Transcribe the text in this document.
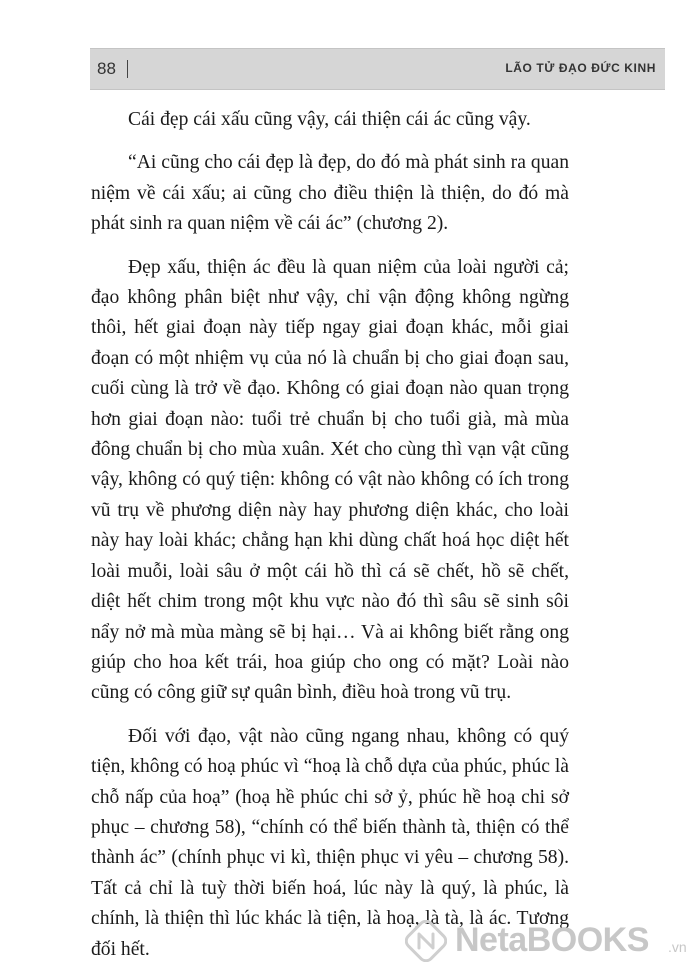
88	LÃO TỬ ĐẠO ĐỨC KINH

Cái đẹp cái xấu cũng vậy, cái thiện cái ác cũng vậy.

“Ai cũng cho cái đẹp là đẹp, do đó mà phát sinh ra quan niệm về cái xấu; ai cũng cho điều thiện là thiện, do đó mà phát sinh ra quan niệm về cái ác” (chương 2).

Đẹp xấu, thiện ác đều là quan niệm của loài người cả; đạo không phân biệt như vậy, chỉ vận động không ngừng thôi, hết giai đoạn này tiếp ngay giai đoạn khác, mỗi giai đoạn có một nhiệm vụ của nó là chuẩn bị cho giai đoạn sau, cuối cùng là trở về đạo. Không có giai đoạn nào quan trọng hơn giai đoạn nào: tuổi trẻ chuẩn bị cho tuổi già, mà mùa đông chuẩn bị cho mùa xuân. Xét cho cùng thì vạn vật cũng vậy, không có quý tiện: không có vật nào không có ích trong vũ trụ về phương diện này hay phương diện khác, cho loài này hay loài khác; chẳng hạn khi dùng chất hoá học diệt hết loài muỗi, loài sâu ở một cái hồ thì cá sẽ chết, hồ sẽ chết, diệt hết chim trong một khu vực nào đó thì sâu sẽ sinh sôi nẩy nở mà mùa màng sẽ bị hại… Và ai không biết rằng ong giúp cho hoa kết trái, hoa giúp cho ong có mặt? Loài nào cũng có công giữ sự quân bình, điều hoà trong vũ trụ.

Đối với đạo, vật nào cũng ngang nhau, không có quý tiện, không có hoạ phúc vì “hoạ là chỗ dựa của phúc, phúc là chỗ nấp của hoạ” (hoạ hề phúc chi sở ỷ, phúc hề hoạ chi sở phục – chương 58), “chính có thể biến thành tà, thiện có thể thành ác” (chính phục vi kì, thiện phục vi yêu – chương 58). Tất cả chỉ là tuỳ thời biến hoá, lúc này là quý, là phúc, là chính, là thiện thì lúc khác là tiện, là hoạ, là tà, là ác. Tương đối hết.	NetaBOOKS .vn
